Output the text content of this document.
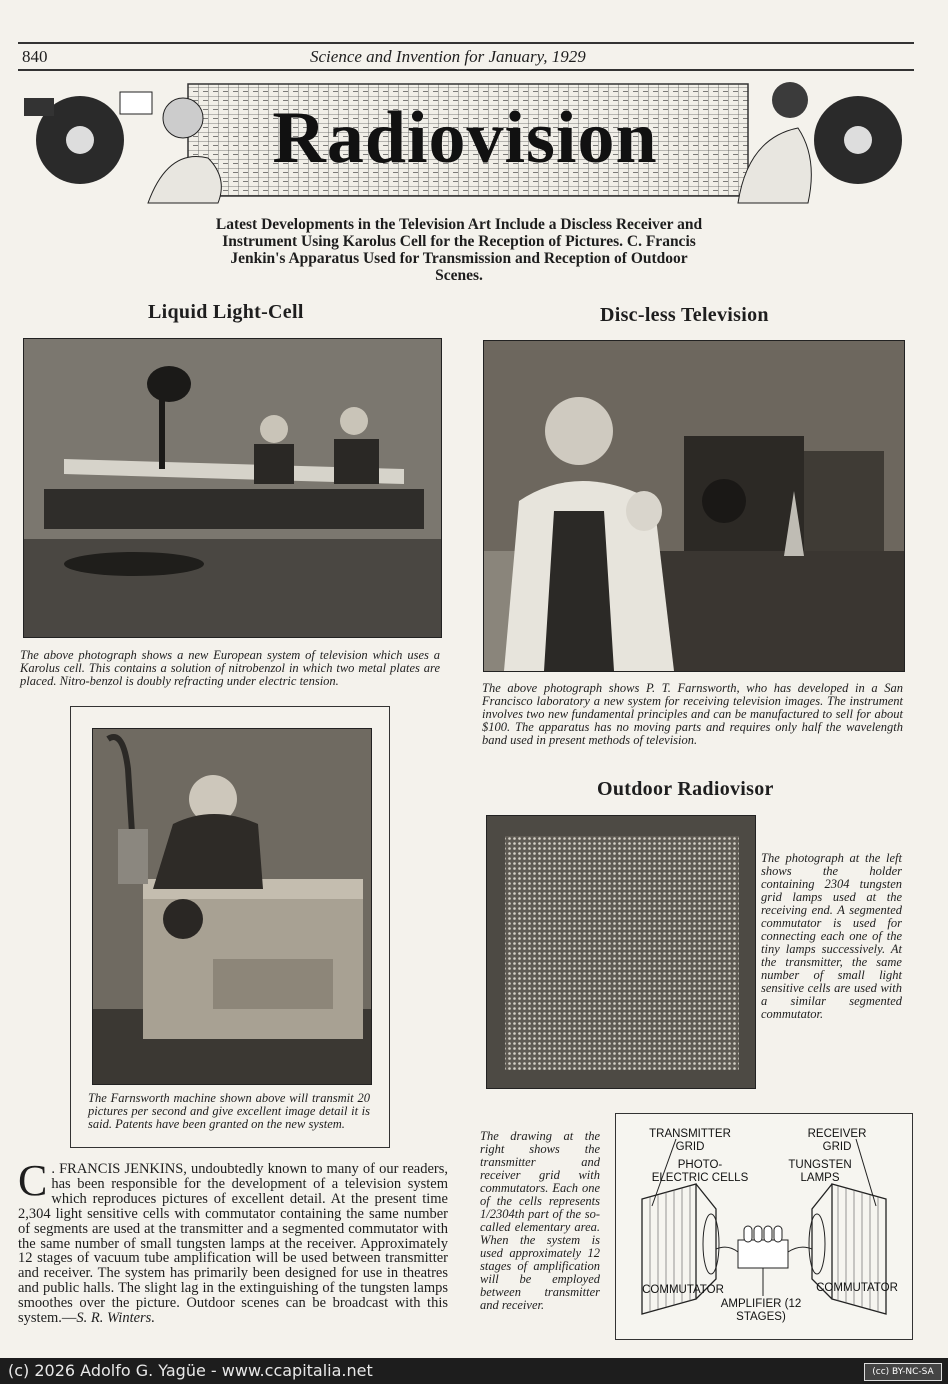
840	Science and Invention for January, 1929
Radiovision
Latest Developments in the Television Art Include a Discless Receiver and Instrument Using Karolus Cell for the Reception of Pictures. C. Francis Jenkin's Apparatus Used for Transmission and Reception of Outdoor Scenes.
Liquid Light-Cell
The above photograph shows a new European system of television which uses a Karolus cell. This contains a solution of nitrobenzol in which two metal plates are placed. Nitro-benzol is doubly refracting under electric tension.
Disc-less Television
The above photograph shows P. T. Farnsworth, who has developed in a San Francisco laboratory a new system for receiving television images. The instrument involves two new fundamental principles and can be manufactured to sell for about $100. The apparatus has no moving parts and requires only half the wavelength band used in present methods of television.
The Farnsworth machine shown above will transmit 20 pictures per second and give excellent image detail it is said. Patents have been granted on the new system.
Outdoor Radiovisor
The photograph at the left shows the holder containing 2304 tungsten grid lamps used at the receiving end. A segmented commutator is used for connecting each one of the tiny lamps successively. At the transmitter, the same number of small light sensitive cells are used with a similar segmented commutator.
The drawing at the right shows the transmitter and receiver grid with commutators. Each one of the cells represents 1/2304th part of the so-called elementary area. When the system is used approximately 12 stages of amplification will be employed between transmitter and receiver.
TRANSMITTER GRID
PHOTO-ELECTRIC CELLS
RECEIVER GRID
TUNGSTEN LAMPS
COMMUTATOR	COMMUTATOR
AMPLIFIER (12 STAGES)
C . FRANCIS JENKINS, undoubtedly known to many of our readers, has been responsible for the development of a television system which reproduces pictures of excellent detail. At the present time 2,304 light sensitive cells with commutator containing the same number of segments are used at the transmitter and a segmented commutator with the same number of small tungsten lamps at the receiver. Approximately 12 stages of vacuum tube amplification will be used between transmitter and receiver. The system has primarily been designed for use in theatres and public halls. The slight lag in the extinguishing of the tungsten lamps smoothes over the picture. Outdoor scenes can be broadcast with this system.—S. R. Winters.
(c) 2026 Adolfo G. Yagüe - www.ccapitalia.net	(cc) BY-NC-SA
